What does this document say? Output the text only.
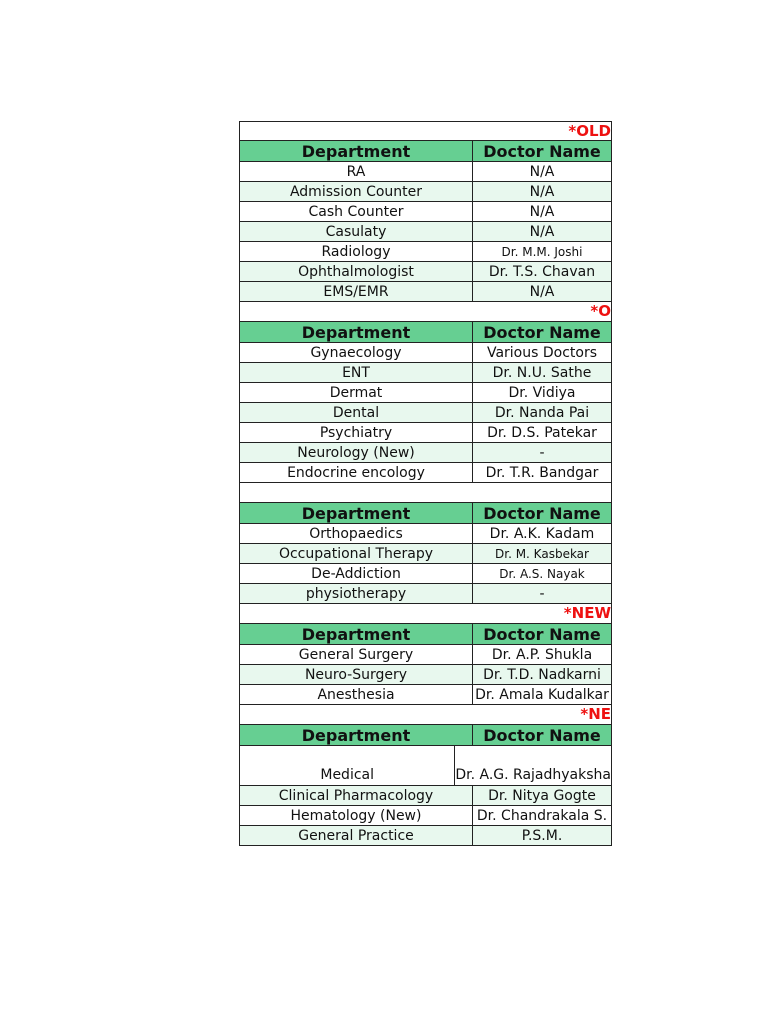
*OLD
Department	Doctor Name
RA	N/A
Admission Counter	N/A
Cash Counter	N/A
Casulaty	N/A
Radiology	Dr. M.M. Joshi
Ophthalmologist	Dr. T.S. Chavan
EMS/EMR	N/A
*O
Department	Doctor Name
Gynaecology	Various Doctors
ENT	Dr. N.U. Sathe
Dermat	Dr. Vidiya
Dental	Dr. Nanda Pai
Psychiatry	Dr. D.S. Patekar
Neurology (New)	-
Endocrine encology	Dr. T.R. Bandgar
Department	Doctor Name
Orthopaedics	Dr. A.K. Kadam
Occupational Therapy	Dr. M. Kasbekar
De-Addiction	Dr. A.S. Nayak
physiotherapy	-
*NEW
Department	Doctor Name
General Surgery	Dr. A.P. Shukla
Neuro-Surgery	Dr. T.D. Nadkarni
Anesthesia	Dr. Amala Kudalkar
*NE
Department	Doctor Name
Medical	Dr. A.G. Rajadhyaksha
Clinical Pharmacology	Dr. Nitya Gogte
Hematology (New)	Dr. Chandrakala S.
General Practice	P.S.M.
